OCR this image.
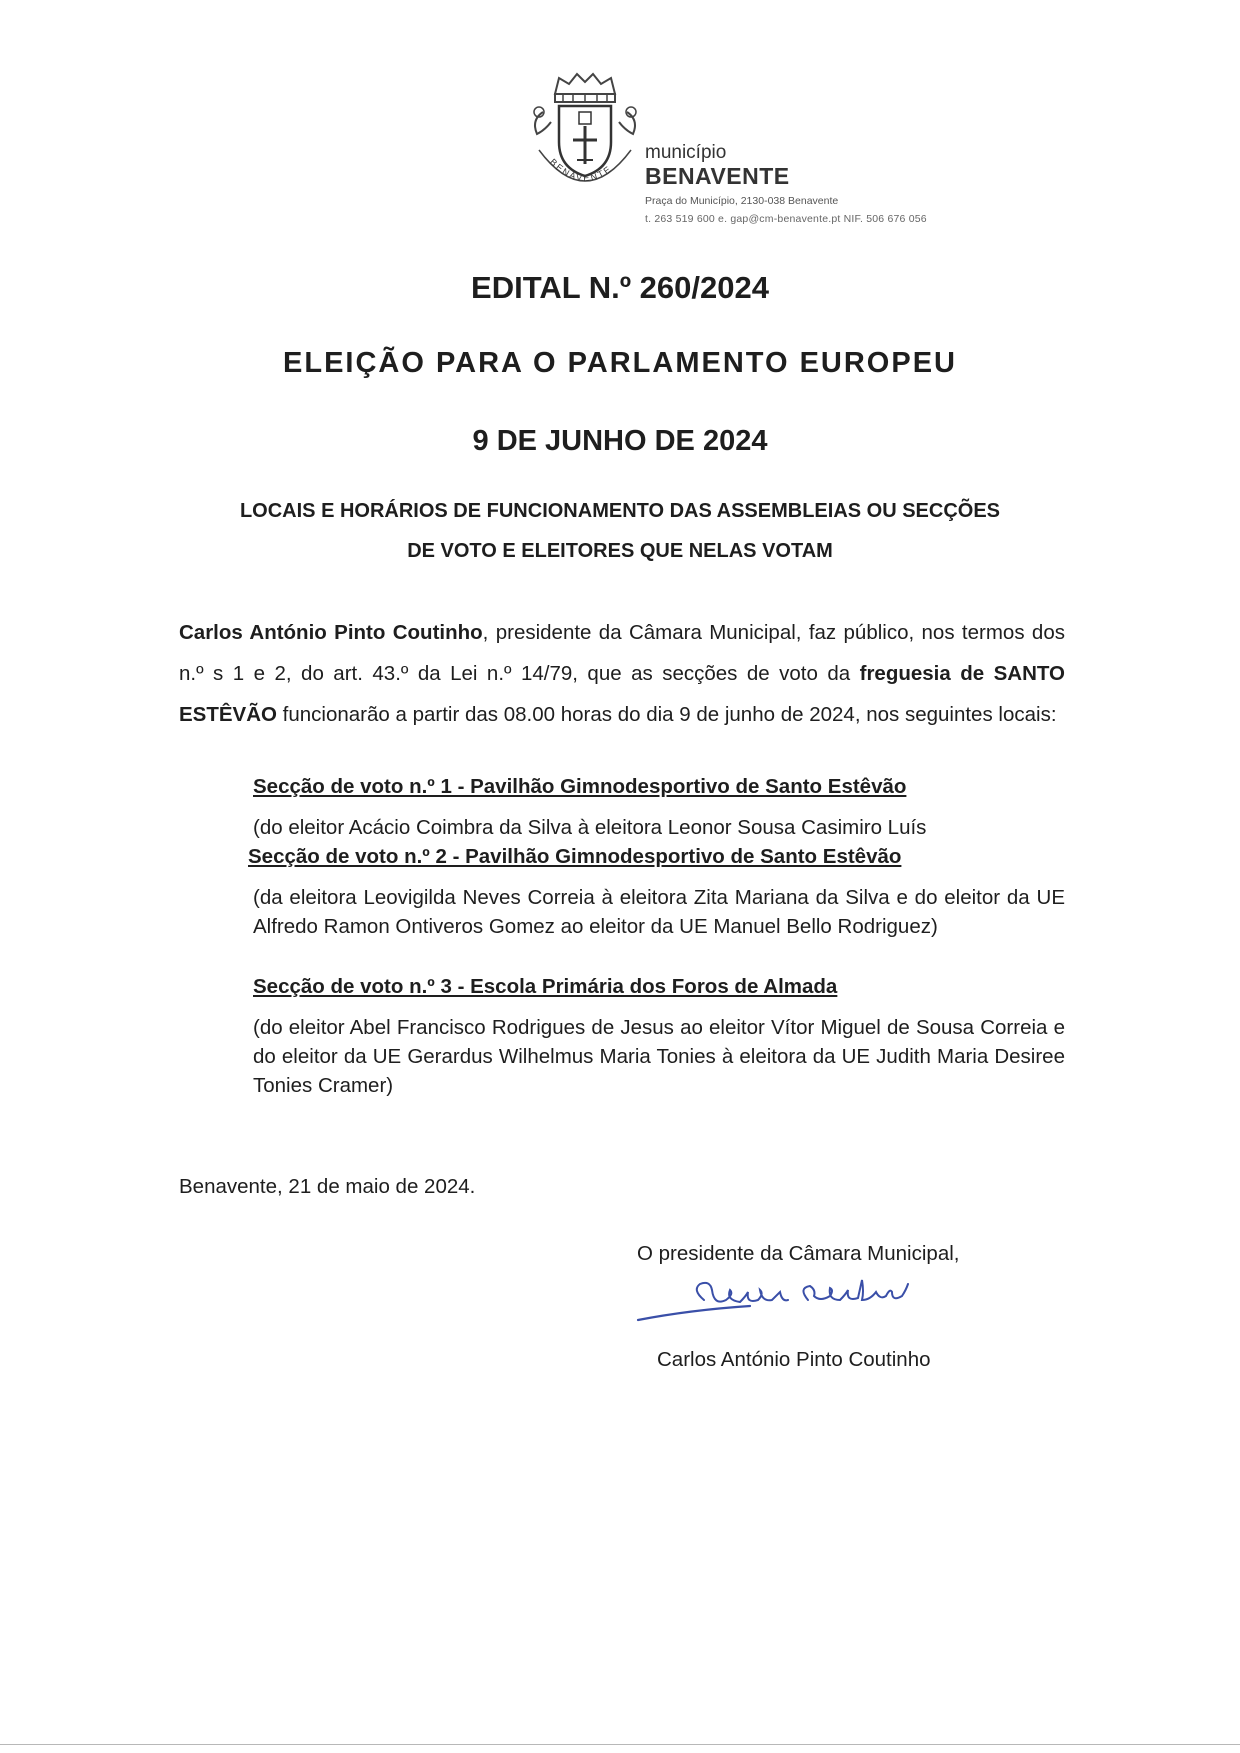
BENAVENTE
município
BENAVENTE
Praça do Município, 2130-038 Benavente
t. 263 519 600 e. gap@cm-benavente.pt NIF. 506 676 056
EDITAL N.º 260/2024
ELEIÇÃO PARA O PARLAMENTO EUROPEU
9 DE JUNHO DE 2024
LOCAIS E HORÁRIOS DE FUNCIONAMENTO DAS ASSEMBLEIAS OU SECÇÕES
DE VOTO E ELEITORES QUE NELAS VOTAM
Carlos António Pinto Coutinho, presidente da Câmara Municipal, faz público, nos termos dos n.º s 1 e 2, do art. 43.º da Lei n.º 14/79, que as secções de voto da freguesia de SANTO ESTÊVÃO funcionarão a partir das 08.00 horas do dia 9 de junho de 2024, nos seguintes locais:
Secção de voto n.º 1 - Pavilhão Gimnodesportivo de Santo Estêvão
(do eleitor Acácio Coimbra da Silva à eleitora Leonor Sousa Casimiro Luís
Secção de voto n.º 2 - Pavilhão Gimnodesportivo de Santo Estêvão
(da eleitora Leovigilda Neves Correia à eleitora Zita Mariana da Silva e do eleitor da UE Alfredo Ramon Ontiveros Gomez ao eleitor da UE Manuel Bello Rodriguez)
Secção de voto n.º 3 - Escola Primária dos Foros de Almada
(do eleitor Abel Francisco Rodrigues de Jesus ao eleitor Vítor Miguel de Sousa Correia e do eleitor da UE Gerardus Wilhelmus Maria Tonies à eleitora da UE Judith Maria Desiree Tonies Cramer)
Benavente, 21 de maio de 2024.
O presidente da Câmara Municipal,
Carlos António Pinto Coutinho
